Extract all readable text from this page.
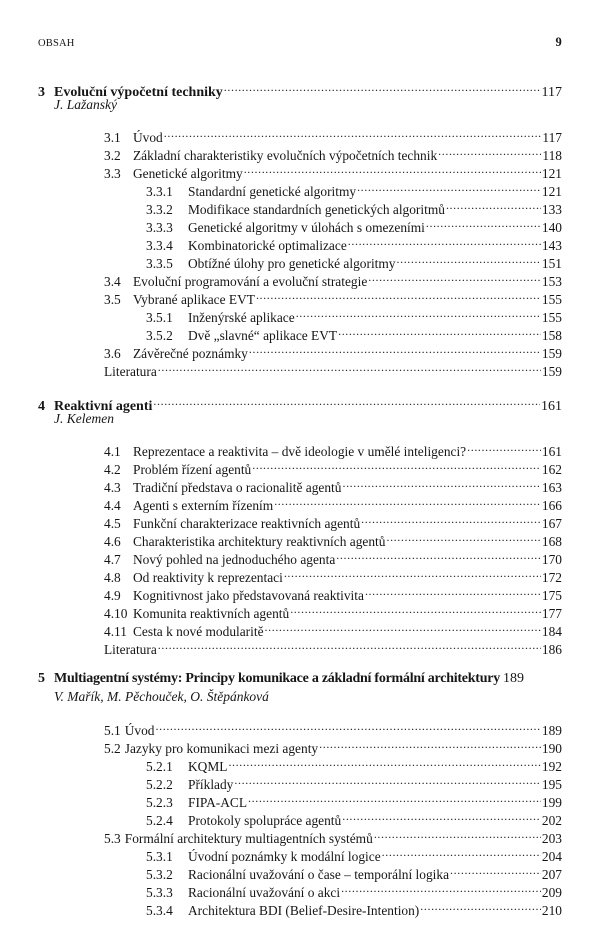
OBSAH	9
3 Evoluční výpočetní techniky .....	117
J. Lažanský
3.1 Úvod .....	117
3.2 Základní charakteristiky evolučních výpočetních technik .....	118
3.3 Genetické algoritmy .....	121
3.3.1	Standardní genetické algoritmy .....	121
3.3.2	Modifikace standardních genetických algoritmů .....	133
3.3.3	Genetické algoritmy v úlohách s omezeními .....	140
3.3.4	Kombinatorické optimalizace .....	143
3.3.5	Obtížné úlohy pro genetické algoritmy .....	151
3.4 Evoluční programování a evoluční strategie .....	153
3.5 Vybrané aplikace EVT .....	155
3.5.1	Inženýrské aplikace .....	155
3.5.2	Dvě „slavné“ aplikace EVT .....	158
3.6 Závěrečné poznámky .....	159
Literatura .....	159
4 Reaktivní agenti .....	161
J. Kelemen
4.1 Reprezentace a reaktivita – dvě ideologie v umělé inteligenci? .....	161
4.2 Problém řízení agentů .....	162
4.3 Tradiční představa o racionalitě agentů .....	163
4.4 Agenti s externím řízením .....	166
4.5 Funkční charakterizace reaktivních agentů .....	167
4.6 Charakteristika architektury reaktivních agentů .....	168
4.7 Nový pohled na jednoduchého agenta .....	170
4.8 Od reaktivity k reprezentaci .....	172
4.9 Kognitivnost jako představovaná reaktivita .....	175
4.10 Komunita reaktivních agentů .....	177
4.11 Cesta k nové modularitě .....	184
Literatura .....	186
5 Multiagentní systémy: Principy komunikace a základní formální architektury 189
V. Mařík, M. Pěchouček, O. Štěpánková
5.1 Úvod .....	189
5.2 Jazyky pro komunikaci mezi agenty .....	190
5.2.1	KQML .....	192
5.2.2	Příklady .....	195
5.2.3	FIPA-ACL .....	199
5.2.4	Protokoly spolupráce agentů .....	202
5.3 Formální architektury multiagentních systémů .....	203
5.3.1	Úvodní poznámky k modální logice .....	204
5.3.2	Racionální uvažování o čase – temporální logika .....	207
5.3.3	Racionální uvažování o akci .....	209
5.3.4	Architektura BDI (Belief-Desire-Intention) .....	210
